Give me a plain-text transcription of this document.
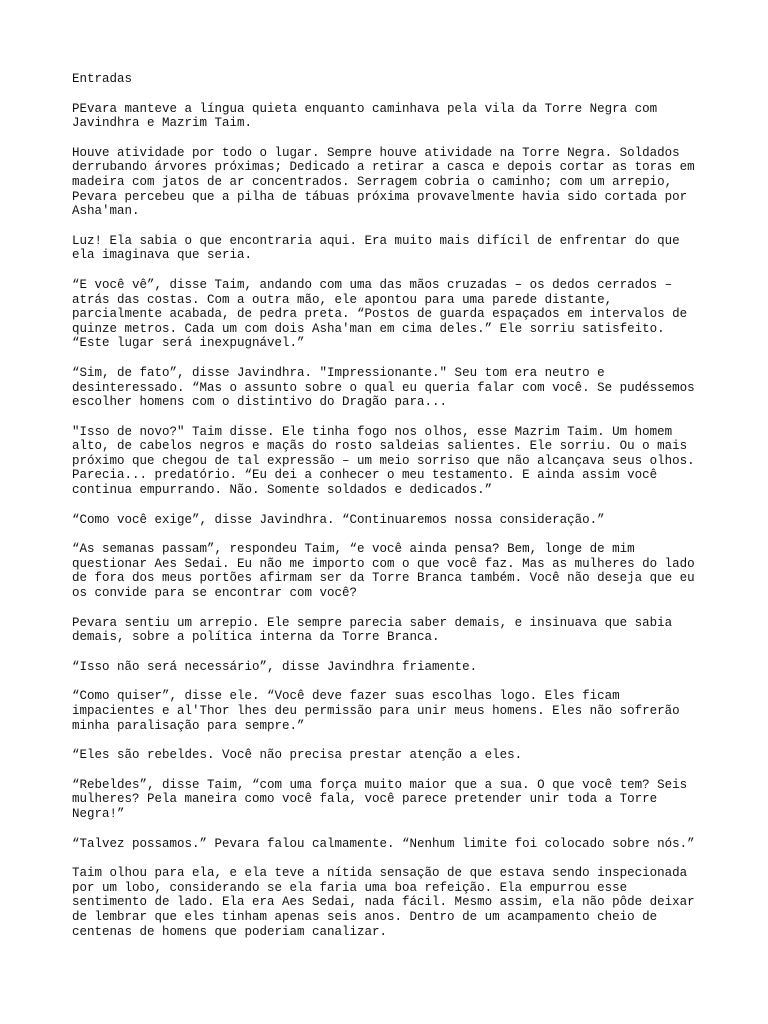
Entradas

PEvara manteve a língua quieta enquanto caminhava pela vila da Torre Negra com Javindhra e Mazrim Taim.

Houve atividade por todo o lugar. Sempre houve atividade na Torre Negra. Soldados derrubando árvores próximas; Dedicado a retirar a casca e depois cortar as toras em madeira com jatos de ar concentrados. Serragem cobria o caminho; com um arrepio, Pevara percebeu que a pilha de tábuas próxima provavelmente havia sido cortada por Asha'man.

Luz! Ela sabia o que encontraria aqui. Era muito mais difícil de enfrentar do que ela imaginava que seria.

“E você vê”, disse Taim, andando com uma das mãos cruzadas – os dedos cerrados – atrás das costas. Com a outra mão, ele apontou para uma parede distante, parcialmente acabada, de pedra preta. “Postos de guarda espaçados em intervalos de quinze metros. Cada um com dois Asha'man em cima deles.” Ele sorriu satisfeito. “Este lugar será inexpugnável.”

“Sim, de fato”, disse Javindhra. "Impressionante." Seu tom era neutro e desinteressado. “Mas o assunto sobre o qual eu queria falar com você. Se pudéssemos escolher homens com o distintivo do Dragão para...

"Isso de novo?" Taim disse. Ele tinha fogo nos olhos, esse Mazrim Taim. Um homem alto, de cabelos negros e maçãs do rosto saldeias salientes. Ele sorriu. Ou o mais próximo que chegou de tal expressão – um meio sorriso que não alcançava seus olhos. Parecia... predatório. “Eu dei a conhecer o meu testamento. E ainda assim você continua empurrando. Não. Somente soldados e dedicados.”

“Como você exige”, disse Javindhra. “Continuaremos nossa consideração.”

“As semanas passam”, respondeu Taim, “e você ainda pensa? Bem, longe de mim questionar Aes Sedai. Eu não me importo com o que você faz. Mas as mulheres do lado de fora dos meus portões afirmam ser da Torre Branca também. Você não deseja que eu os convide para se encontrar com você?

Pevara sentiu um arrepio. Ele sempre parecia saber demais, e insinuava que sabia demais, sobre a política interna da Torre Branca.

“Isso não será necessário”, disse Javindhra friamente.

“Como quiser”, disse ele. “Você deve fazer suas escolhas logo. Eles ficam impacientes e al'Thor lhes deu permissão para unir meus homens. Eles não sofrerão minha paralisação para sempre.”

“Eles são rebeldes. Você não precisa prestar atenção a eles.

“Rebeldes”, disse Taim, “com uma força muito maior que a sua. O que você tem? Seis mulheres? Pela maneira como você fala, você parece pretender unir toda a Torre Negra!”

“Talvez possamos.” Pevara falou calmamente. “Nenhum limite foi colocado sobre nós.”

Taim olhou para ela, e ela teve a nítida sensação de que estava sendo inspecionada por um lobo, considerando se ela faria uma boa refeição. Ela empurrou esse sentimento de lado. Ela era Aes Sedai, nada fácil. Mesmo assim, ela não pôde deixar de lembrar que eles tinham apenas seis anos. Dentro de um acampamento cheio de centenas de homens que poderiam canalizar.
